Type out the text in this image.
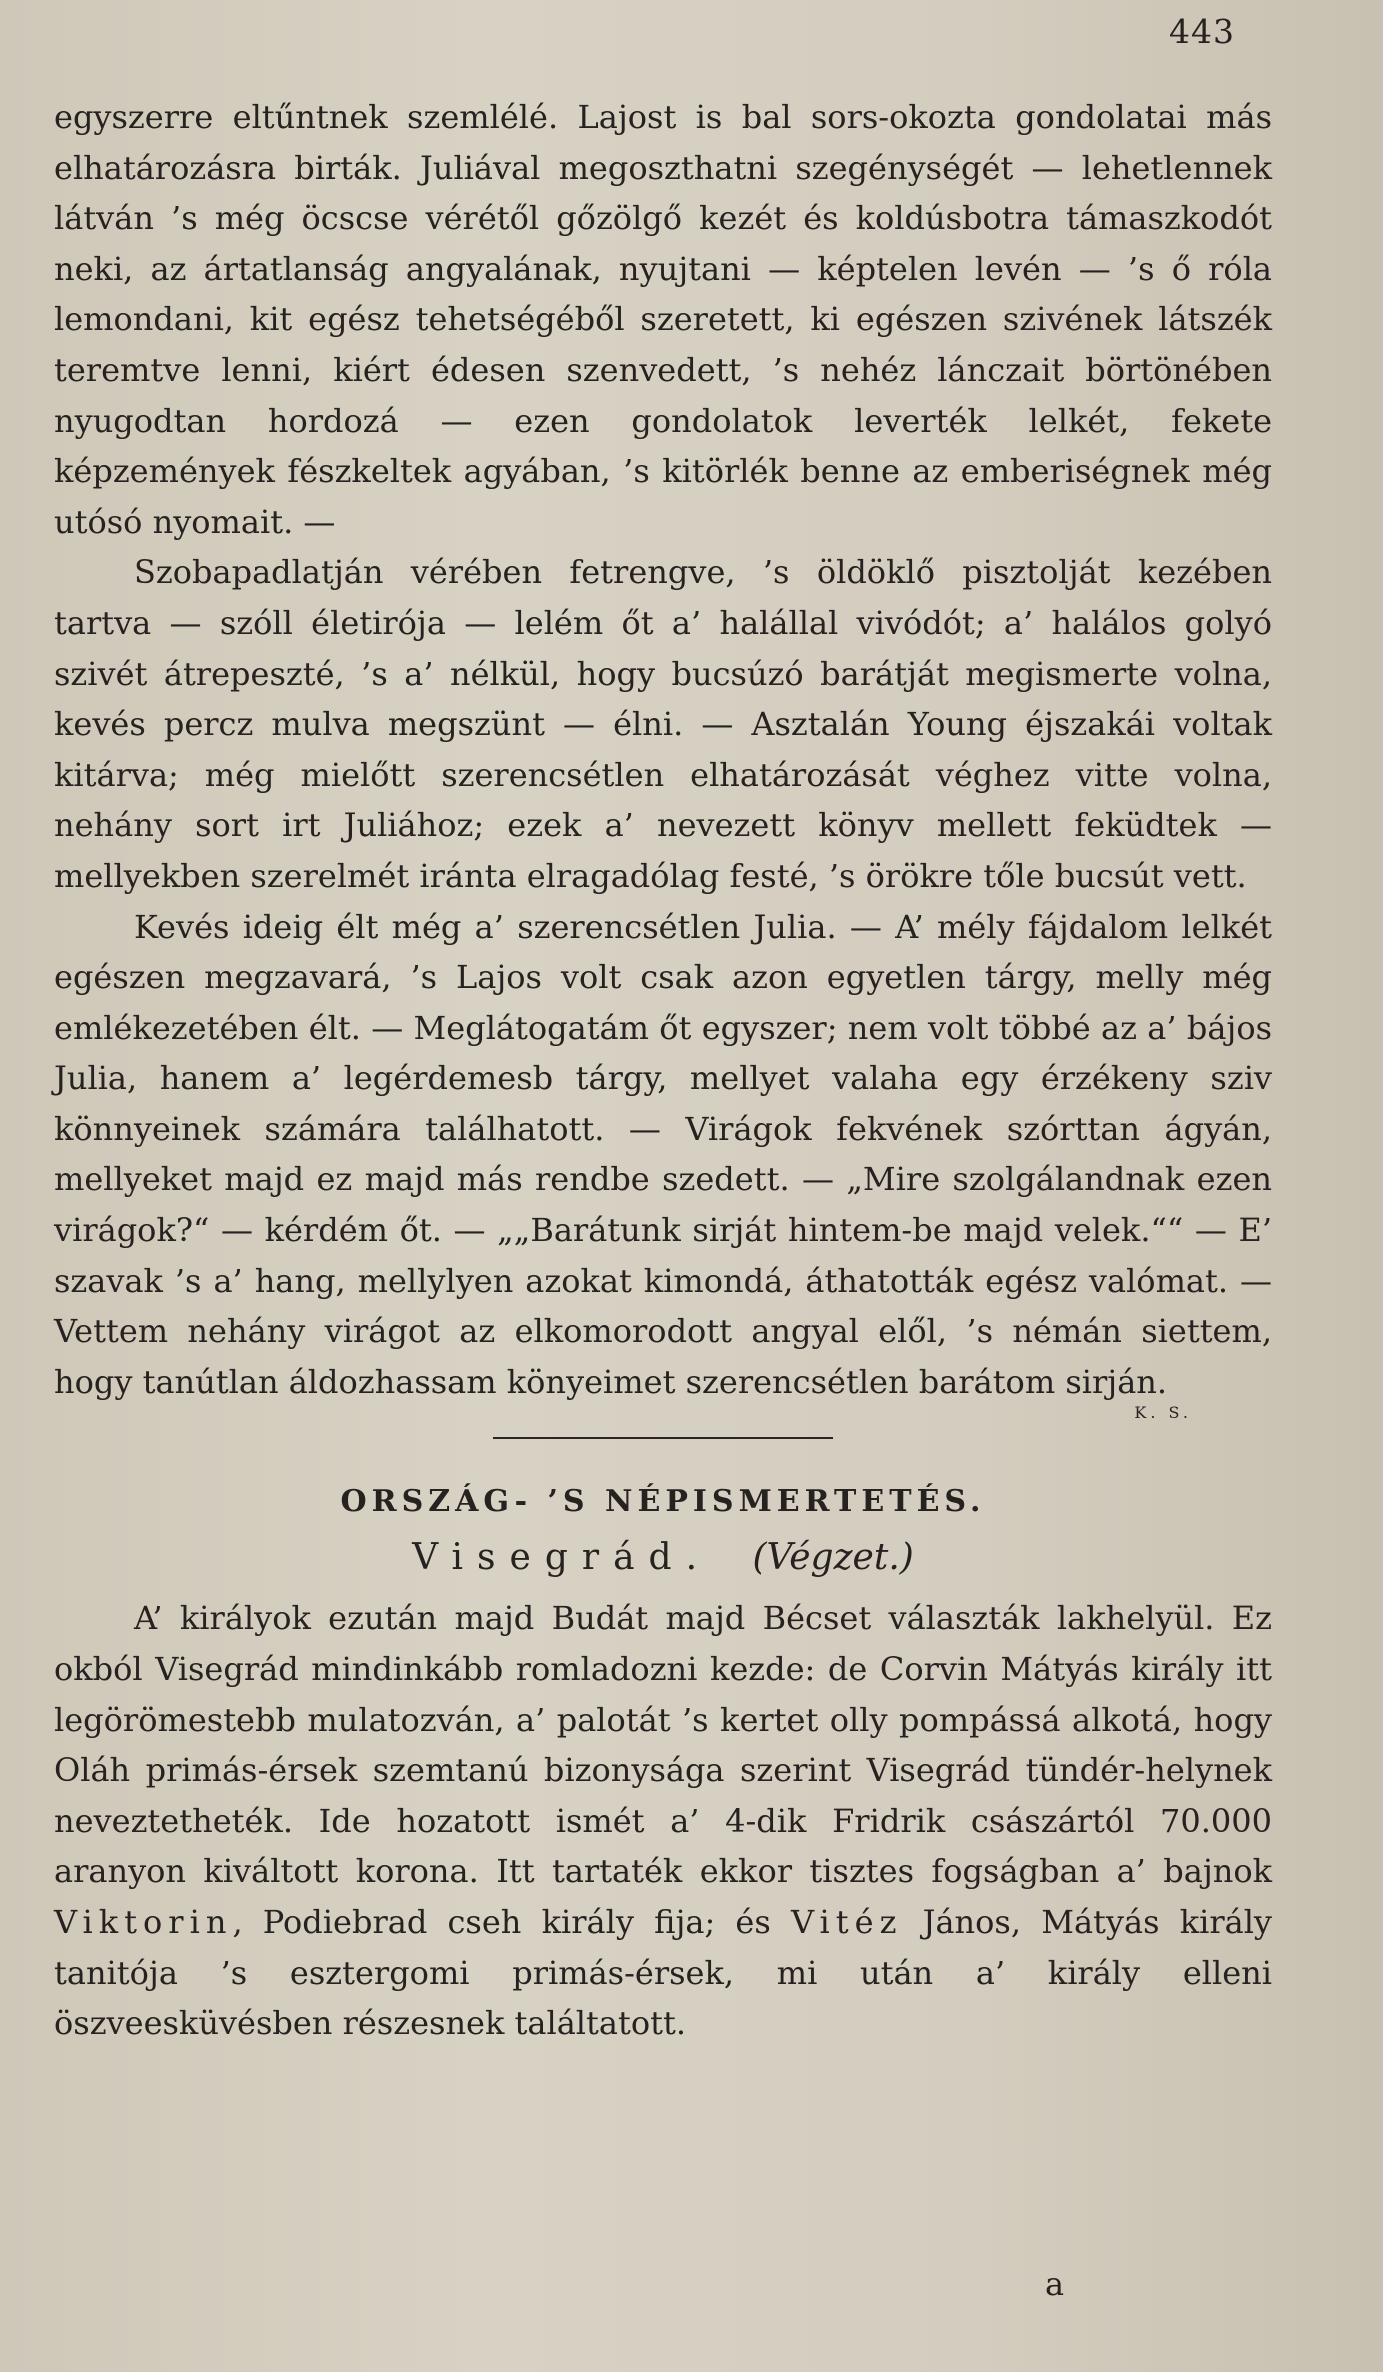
443

egyszerre eltűntnek szemlélé. Lajost is bal sors-okozta gondolatai más elhatározásra birták. Juliával megoszthatni szegénységét — lehetlennek látván ’s még öcscse vérétől gőzölgő kezét és koldúsbotra támaszkodót neki, az ártatlanság angyalának, nyujtani — képtelen levén — ’s ő róla lemondani, kit egész tehetségéből szeretett, ki egészen szivének látszék teremtve lenni, kiért édesen szenvedett, ’s nehéz lánczait börtönében nyugodtan hordozá — ezen gondolatok leverték lelkét, fekete képzemények fészkeltek agyában, ’s kitörlék benne az emberiségnek még utósó nyomait. —

Szobapadlatján vérében fetrengve, ’s öldöklő pisztolját kezében tartva — szóll életirója — lelém őt a’ halállal vivódót; a’ halálos golyó szivét átrepeszté, ’s a’ nélkül, hogy bucsúzó barátját megismerte volna, kevés percz mulva megszünt — élni. — Asztalán Young éjszakái voltak kitárva; még mielőtt szerencsétlen elhatározását véghez vitte volna, nehány sort irt Juliához; ezek a’ nevezett könyv mellett feküdtek — mellyekben szerelmét iránta elragadólag festé, ’s örökre tőle bucsút vett.

Kevés ideig élt még a’ szerencsétlen Julia. — A’ mély fájdalom lelkét egészen megzavará, ’s Lajos volt csak azon egyetlen tárgy, melly még emlékezetében élt. — Meglátogatám őt egyszer; nem volt többé az a’ bájos Julia, hanem a’ legérdemesb tárgy, mellyet valaha egy érzékeny sziv könnyeinek számára találhatott. — Virágok fekvének szórttan ágyán, mellyeket majd ez majd más rendbe szedett. — „Mire szolgálandnak ezen virágok?“ — kérdém őt. — „„Barátunk sirját hintem-be majd velek.““ — E’ szavak ’s a’ hang, mellylyen azokat kimondá, áthatották egész valómat. — Vettem nehány virágot az elkomorodott angyal elől, ’s némán siettem, hogy tanútlan áldozhassam könyeimet szerencsétlen barátom sirján.

K. S.
ORSZÁG- ’S NÉPISMERTETÉS.
Visegrád. (Végzet.)

A’ királyok ezután majd Budát majd Bécset választák lakhelyül. Ez okból Visegrád mindinkább romladozni kezde: de Corvin Mátyás király itt legörömestebb mulatozván, a’ palotát ’s kertet olly pompássá alkotá, hogy Oláh primás-érsek szemtanú bizonysága szerint Visegrád tündér-helynek neveztetheték. Ide hozatott ismét a’ 4-dik Fridrik császártól 70.000 aranyon kiváltott korona. Itt tartaték ekkor tisztes fogságban a’ bajnok Viktorin, Podiebrad cseh király fija; és Vitéz János, Mátyás király tanitója ’s esztergomi primás-érsek, mi után a’ király elleni öszveesküvésben részesnek találtatott.

a
